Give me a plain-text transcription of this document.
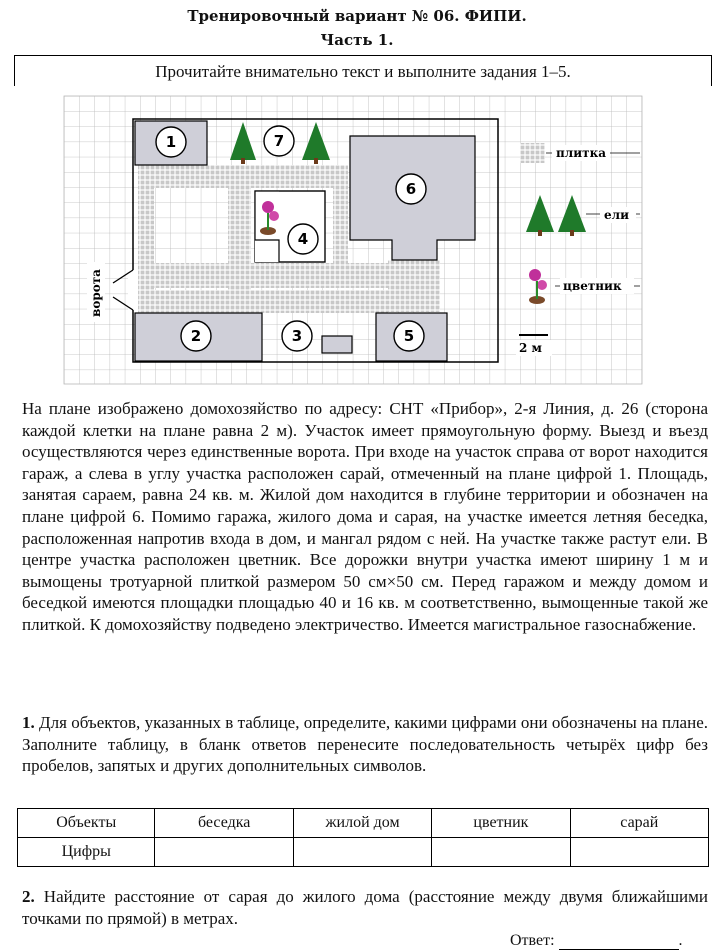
Тренировочный вариант № 06. ФИПИ.
Часть 1.
Прочитайте внимательно текст и выполните задания 1–5.
1
2	3
4
5
6
7
ворота
плитка
ели
цветник
2 м
На плане изображено домохозяйство по адресу: СНТ «Прибор», 2-я Линия, д. 26 (сторона каждой клетки на плане равна 2 м). Участок имеет прямоугольную форму. Выезд и въезд осуществляются через единственные ворота. При входе на участок справа от ворот находится гараж, а слева в углу участка расположен сарай, отмеченный на плане цифрой 1. Площадь, занятая сараем, равна 24 кв. м. Жилой дом находится в глубине территории и обозначен на плане цифрой 6. Помимо гаража, жилого дома и сарая, на участке имеется летняя беседка, расположенная напротив входа в дом, и мангал рядом с ней. На участке также растут ели. В центре участка расположен цветник. Все дорожки внутри участка имеют ширину 1 м и вымощены тротуарной плиткой размером 50 см×50 см. Перед гаражом и между домом и беседкой имеются площадки площадью 40 и 16 кв. м соответственно, вымощенные такой же плиткой. К домохозяйству подведено электричество. Имеется магистральное газоснабжение.
1. Для объектов, указанных в таблице, определите, какими цифрами они обозначены на плане. Заполните таблицу, в бланк ответов перенесите последовательность четырёх цифр без пробелов, запятых и других дополнительных символов.
Объекты	беседка	жилой дом	цветник	сарай
Цифры				
2. Найдите расстояние от сарая до жилого дома (расстояние между двумя ближайшими точками по прямой) в метрах.
Ответ:	.
